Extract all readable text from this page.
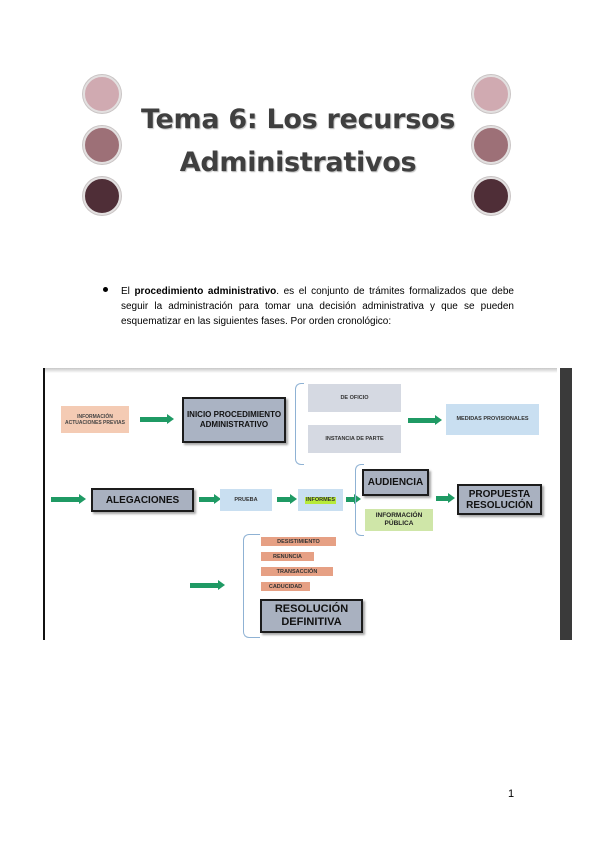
Tema 6: Los recursos
Administrativos
El procedimiento administrativo. es el conjunto de trámites formalizados que debe seguir la administración para tomar una decisión administrativa y que se pueden esquematizar en las siguientes fases. Por orden cronológico:
INFORMACIÓN ACTUACIONES PREVIAS
INICIO PROCEDIMIENTO ADMINISTRATIVO
DE OFICIO
INSTANCIA DE PARTE
MEDIDAS PROVISIONALES
ALEGACIONES	PRUEBA	INFORMES
AUDIENCIA
INFORMACIÓN PÚBLICA
PROPUESTA RESOLUCIÓN
DESISTIMIENTO
RENUNCIA
TRANSACCIÓN
CADUCIDAD
RESOLUCIÓN DEFINITIVA
1
